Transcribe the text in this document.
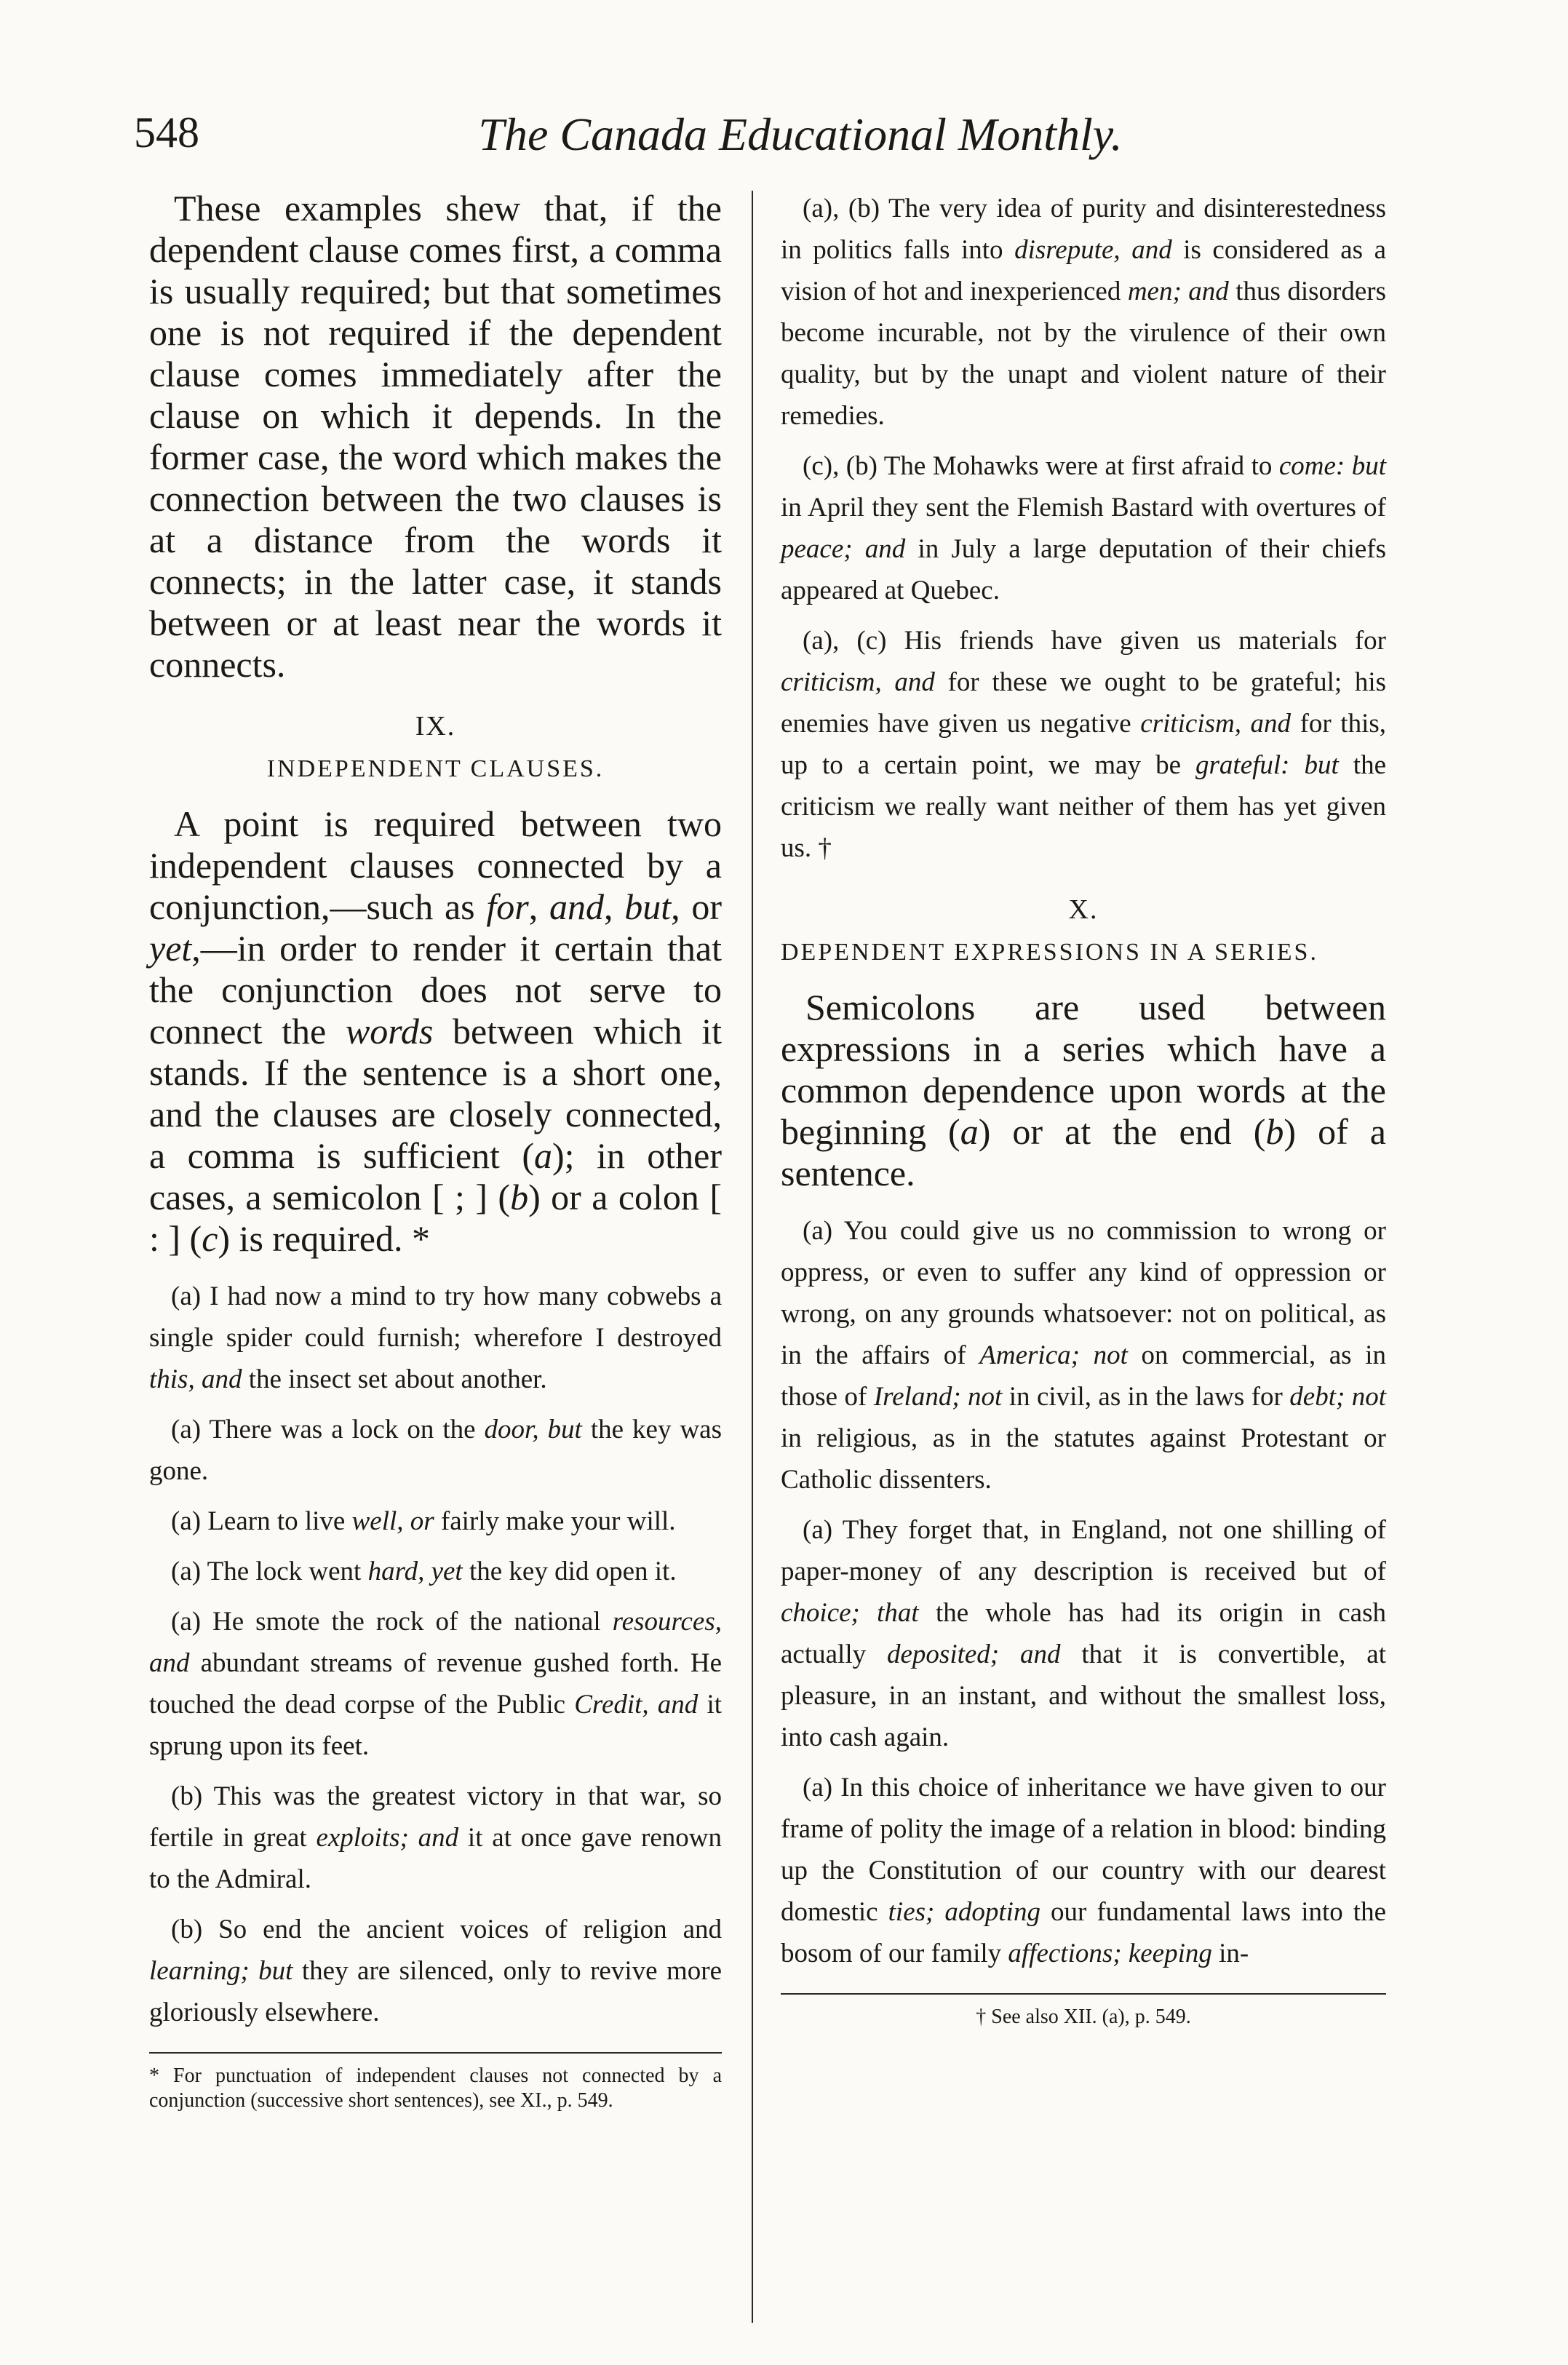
548	The Canada Educational Monthly.

These examples shew that, if the dependent clause comes first, a comma is usually required; but that sometimes one is not required if the dependent clause comes immediately after the clause on which it depends. In the former case, the word which makes the connection between the two clauses is at a distance from the words it connects; in the latter case, it stands between or at least near the words it connects.

IX.
INDEPENDENT CLAUSES.

A point is required between two independent clauses connected by a conjunction,—such as for, and, but, or yet,—in order to render it certain that the conjunction does not serve to connect the words between which it stands. If the sentence is a short one, and the clauses are closely connected, a comma is sufficient (a); in other cases, a semicolon [ ; ] (b) or a colon [ : ] (c) is required. *

(a) I had now a mind to try how many cobwebs a single spider could furnish; wherefore I destroyed this, and the insect set about another.

(a) There was a lock on the door, but the key was gone.

(a) Learn to live well, or fairly make your will.

(a) The lock went hard, yet the key did open it.

(a) He smote the rock of the national resources, and abundant streams of revenue gushed forth. He touched the dead corpse of the Public Credit, and it sprung upon its feet.

(b) This was the greatest victory in that war, so fertile in great exploits; and it at once gave renown to the Admiral.

(b) So end the ancient voices of religion and learning; but they are silenced, only to revive more gloriously elsewhere.

* For punctuation of independent clauses not connected by a conjunction (successive short sentences), see XI., p. 549.

(a), (b) The very idea of purity and disinterestedness in politics falls into disrepute, and is considered as a vision of hot and inexperienced men; and thus disorders become incurable, not by the virulence of their own quality, but by the unapt and violent nature of their remedies.

(c), (b) The Mohawks were at first afraid to come: but in April they sent the Flemish Bastard with overtures of peace; and in July a large deputation of their chiefs appeared at Quebec.

(a), (c) His friends have given us materials for criticism, and for these we ought to be grateful; his enemies have given us negative criticism, and for this, up to a certain point, we may be grateful: but the criticism we really want neither of them has yet given us. †

X.
DEPENDENT EXPRESSIONS IN A SERIES.

Semicolons are used between expressions in a series which have a common dependence upon words at the beginning (a) or at the end (b) of a sentence.

(a) You could give us no commission to wrong or oppress, or even to suffer any kind of oppression or wrong, on any grounds whatsoever: not on political, as in the affairs of America; not on commercial, as in those of Ireland; not in civil, as in the laws for debt; not in religious, as in the statutes against Protestant or Catholic dissenters.

(a) They forget that, in England, not one shilling of paper-money of any description is received but of choice; that the whole has had its origin in cash actually deposited; and that it is convertible, at pleasure, in an instant, and without the smallest loss, into cash again.

(a) In this choice of inheritance we have given to our frame of polity the image of a relation in blood: binding up the Constitution of our country with our dearest domestic ties; adopting our fundamental laws into the bosom of our family affections; keeping in-

† See also XII. (a), p. 549.
